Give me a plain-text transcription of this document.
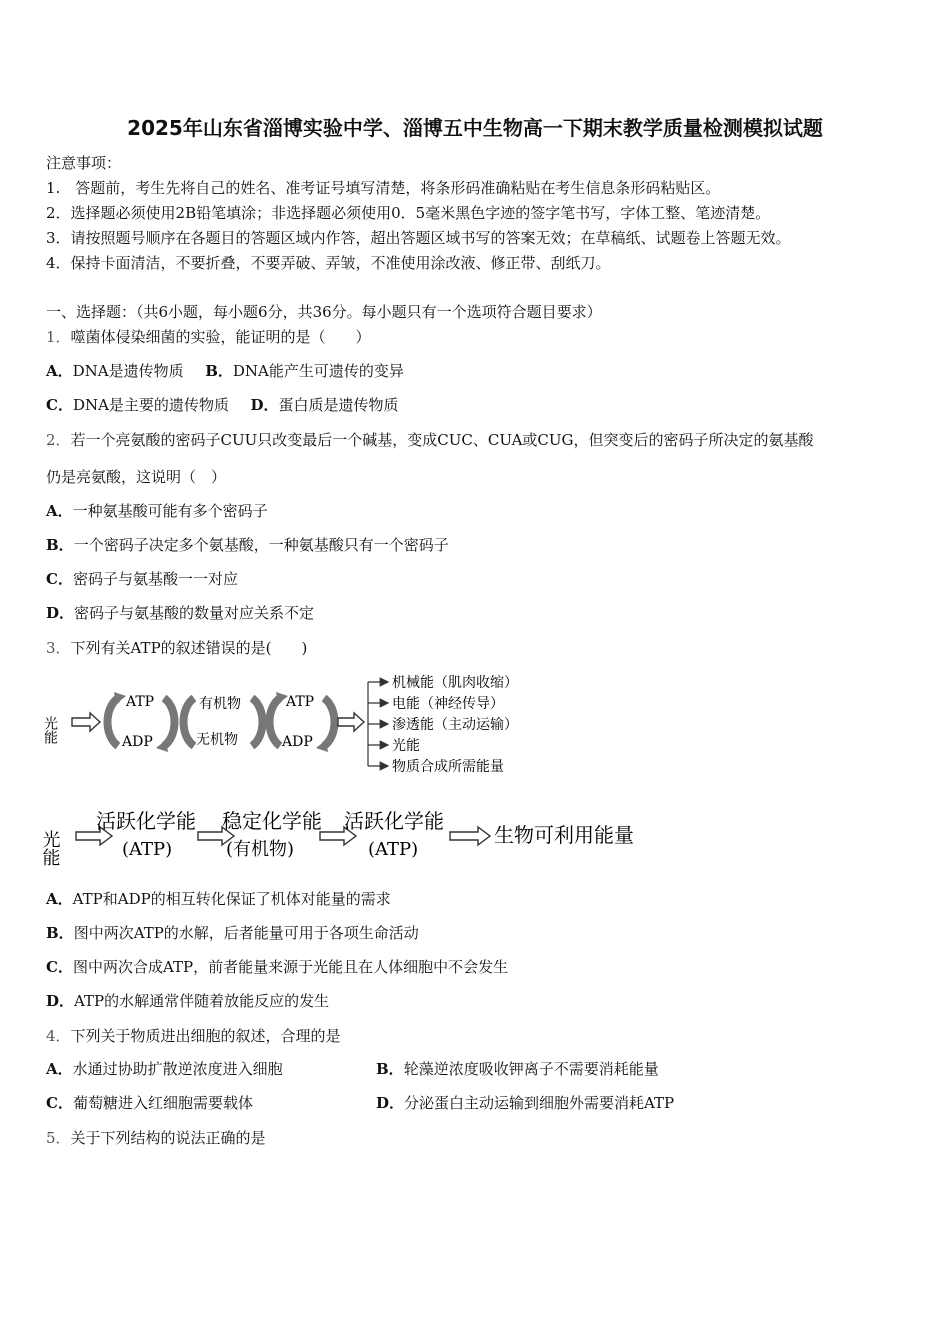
2025年山东省淄博实验中学、淄博五中生物高一下期末教学质量检测模拟试题
注意事项：
1.　答题前，考生先将自己的姓名、准考证号填写清楚，将条形码准确粘贴在考生信息条形码粘贴区。
2．选择题必须使用2B铅笔填涂；非选择题必须使用0．5毫米黑色字迹的签字笔书写，字体工整、笔迹清楚。
3．请按照题号顺序在各题目的答题区域内作答，超出答题区域书写的答案无效；在草稿纸、试题卷上答题无效。
4．保持卡面清洁，不要折叠，不要弄破、弄皱，不准使用涂改液、修正带、刮纸刀。
一、选择题：（共6小题，每小题6分，共36分。每小题只有一个选项符合题目要求）
1．噬菌体侵染细菌的实验，能证明的是（　　）
A．DNA是遗传物质 B．DNA能产生可遗传的变异
C．DNA是主要的遗传物质 D．蛋白质是遗传物质
2．若一个亮氨酸的密码子CUU只改变最后一个碱基，变成CUC、CUA或CUG，但突变后的密码子所决定的氨基酸
仍是亮氨酸，这说明（　）
A．一种氨基酸可能有多个密码子
B．一个密码子决定多个氨基酸，一种氨基酸只有一个密码子
C．密码子与氨基酸一一对应
D．密码子与氨基酸的数量对应关系不定
3．下列有关ATP的叙述错误的是(　　)
光能
ATP
ADP
有机物
无机物
ATP
ADP
机械能（肌肉收缩）
电能（神经传导）
渗透能（主动运输）
光能
物质合成所需能量
光能
活跃化学能
(ATP)
稳定化学能
(有机物)
活跃化学能
(ATP)
生物可利用能量
A．ATP和ADP的相互转化保证了机体对能量的需求
B．图中两次ATP的水解，后者能量可用于各项生命活动
C．图中两次合成ATP，前者能量来源于光能且在人体细胞中不会发生
D．ATP的水解通常伴随着放能反应的发生
4．下列关于物质进出细胞的叙述，合理的是
A．水通过协助扩散逆浓度进入细胞	B．轮藻逆浓度吸收钾离子不需要消耗能量
C．葡萄糖进入红细胞需要载体	D．分泌蛋白主动运输到细胞外需要消耗ATP
5．关于下列结构的说法正确的是
